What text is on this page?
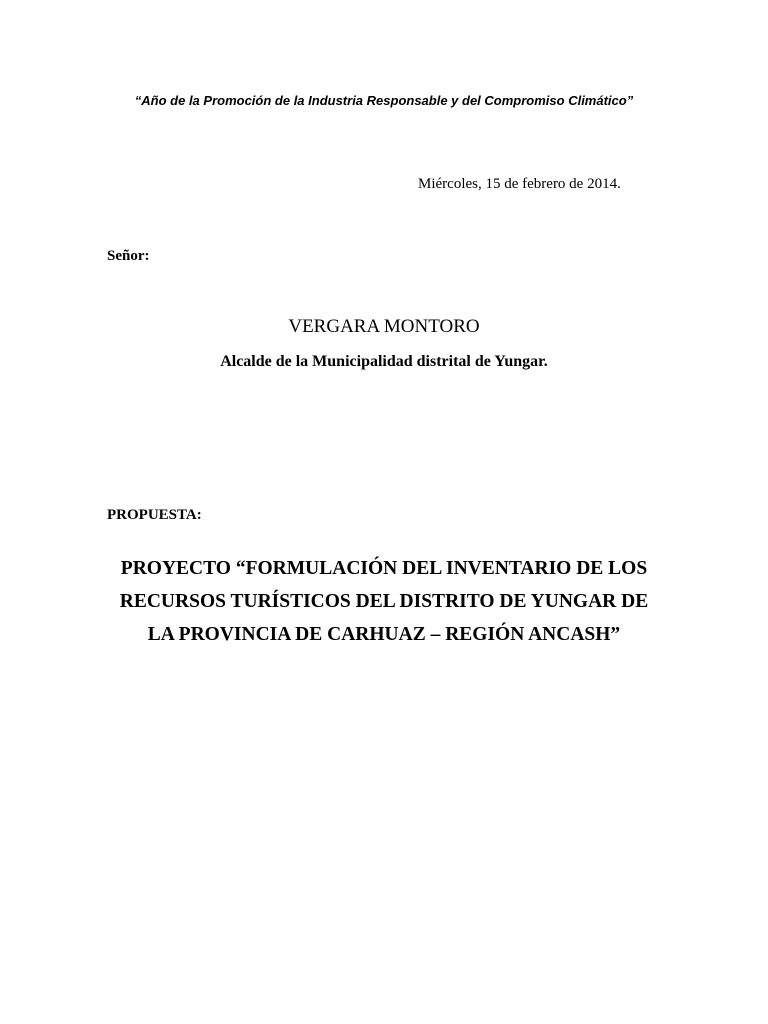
“Año de la Promoción de la Industria Responsable y del Compromiso Climático”
Miércoles, 15 de febrero de 2014.
Señor:
VERGARA MONTORO
Alcalde de la Municipalidad distrital de Yungar.
PROPUESTA:
PROYECTO “FORMULACIÓN DEL INVENTARIO DE LOS
RECURSOS TURÍSTICOS DEL DISTRITO DE YUNGAR DE
LA PROVINCIA DE CARHUAZ – REGIÓN ANCASH”
